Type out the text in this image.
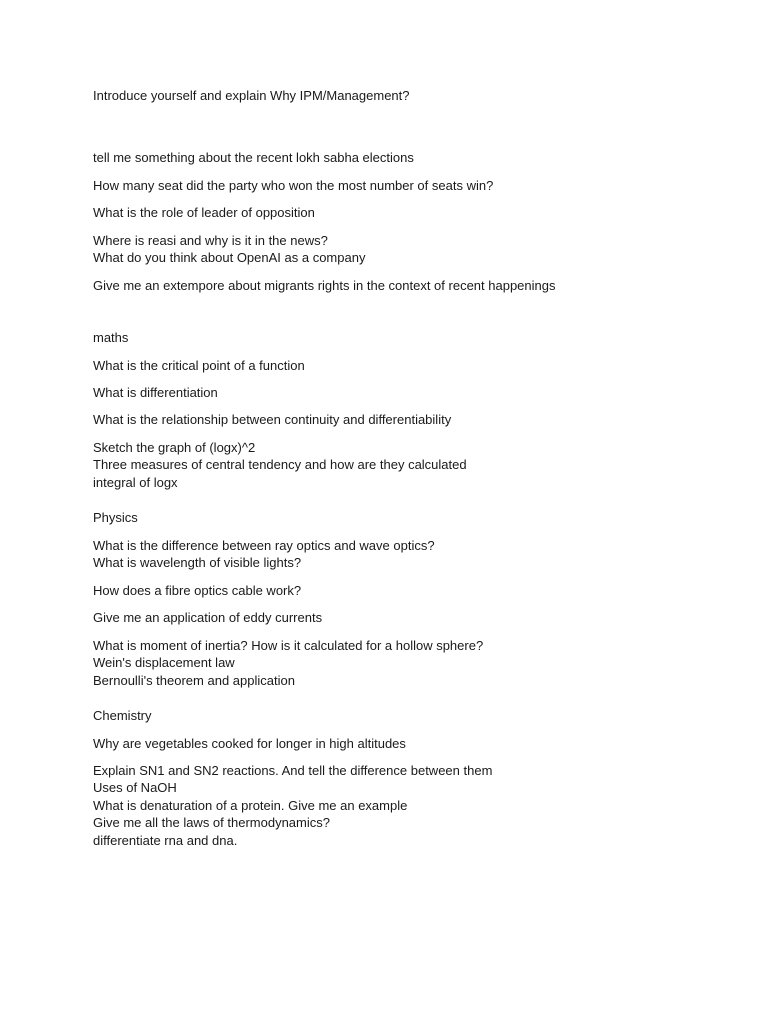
Introduce yourself and explain Why IPM/Management?
tell me something about the recent lokh sabha elections
How many seat did the party who won the most number of seats win?
What is the role of leader of opposition
Where is reasi and why is it in the news?
What do you think about OpenAI as a company
Give me an extempore about migrants rights in the context of recent happenings
maths
What is the critical point of a function
What is differentiation
What is the relationship between continuity and differentiability
Sketch the graph of (logx)^2
Three measures of central tendency and how are they calculated
integral of logx
Physics
What is the difference between ray optics and wave optics?
What is wavelength of visible lights?
How does a fibre optics cable work?
Give me an application of eddy currents
What is moment of inertia? How is it calculated for a hollow sphere?
Wein's displacement law
Bernoulli's theorem and application
Chemistry
Why are vegetables cooked for longer in high altitudes
Explain SN1 and SN2 reactions. And tell the difference between them
Uses of NaOH
What is denaturation of a protein. Give me an example
Give me all the laws of thermodynamics?
differentiate rna and dna.
